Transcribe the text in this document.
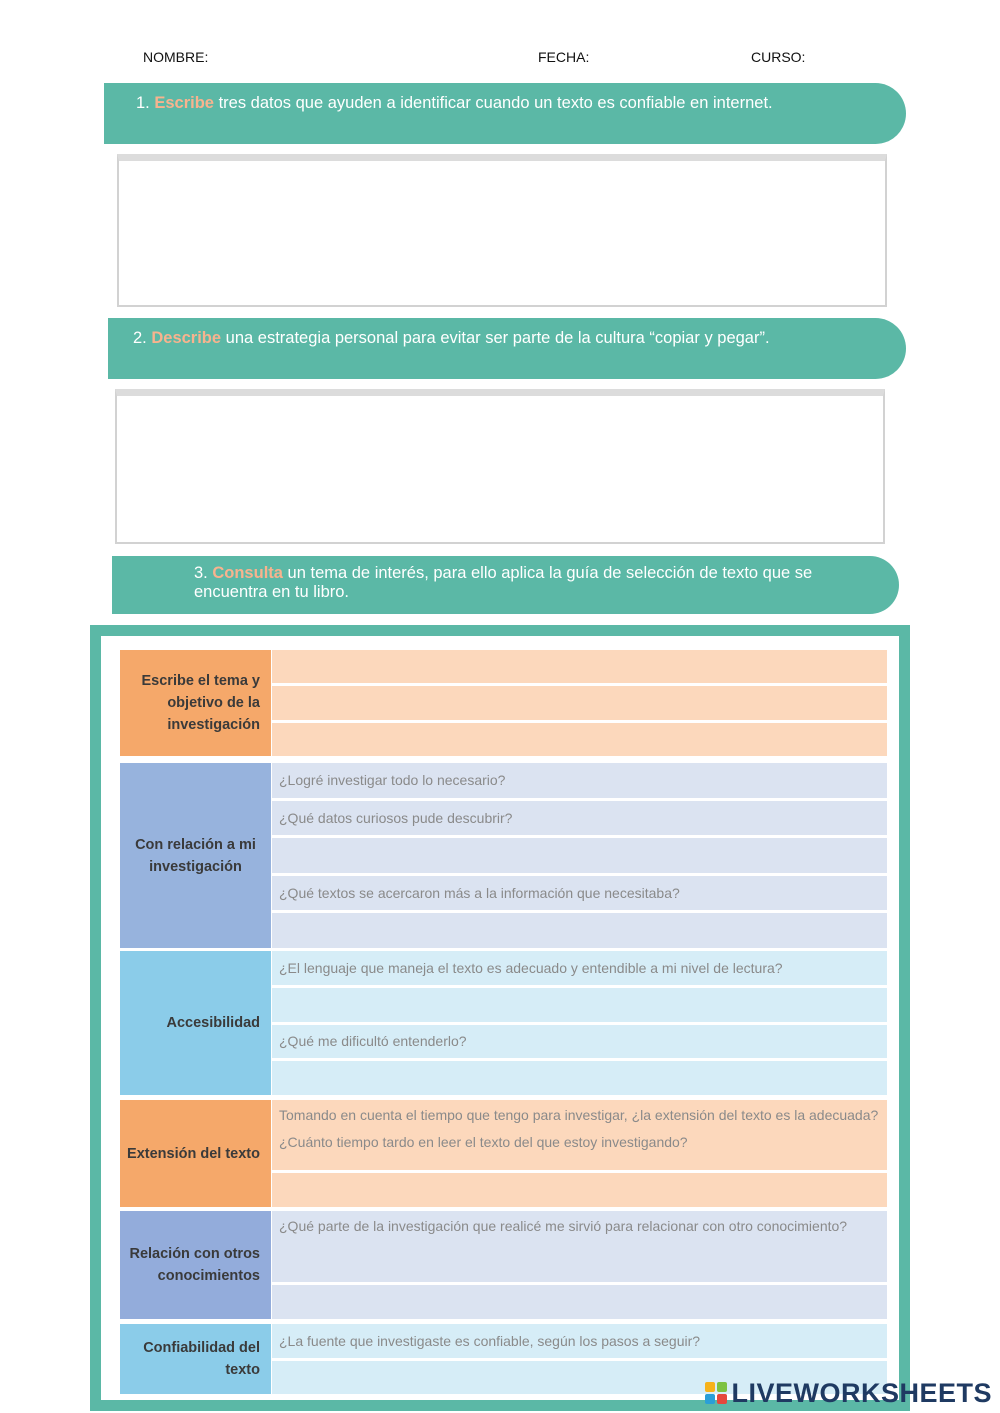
NOMBRE:	FECHA:	CURSO:
1. Escribe tres datos que ayuden a identificar cuando un texto es confiable en internet.
2. Describe una estrategia personal para evitar ser parte de la cultura “copiar y pegar”.
3. Consulta un tema de interés, para ello aplica la guía de selección de texto que se encuentra en tu libro.
Escribe el tema y objetivo de la investigación
Con relación a mi investigación
¿Logré investigar todo lo necesario?
¿Qué datos curiosos pude descubrir?
¿Qué textos se acercaron más a la información que necesitaba?
Accesibilidad
¿El lenguaje que maneja el texto es adecuado y entendible a mi nivel de lectura?
¿Qué me dificultó entenderlo?
Extensión del texto
Tomando en cuenta el tiempo que tengo para investigar, ¿la extensión del texto es la adecuada? ¿Cuánto tiempo tardo en leer el texto del que estoy investigando?
Relación con otros conocimientos
¿Qué parte de la investigación que realicé me sirvió para relacionar con otro conocimiento?
Confiabilidad del texto
¿La fuente que investigaste es confiable, según los pasos a seguir?
LIVEWORKSHEETS
